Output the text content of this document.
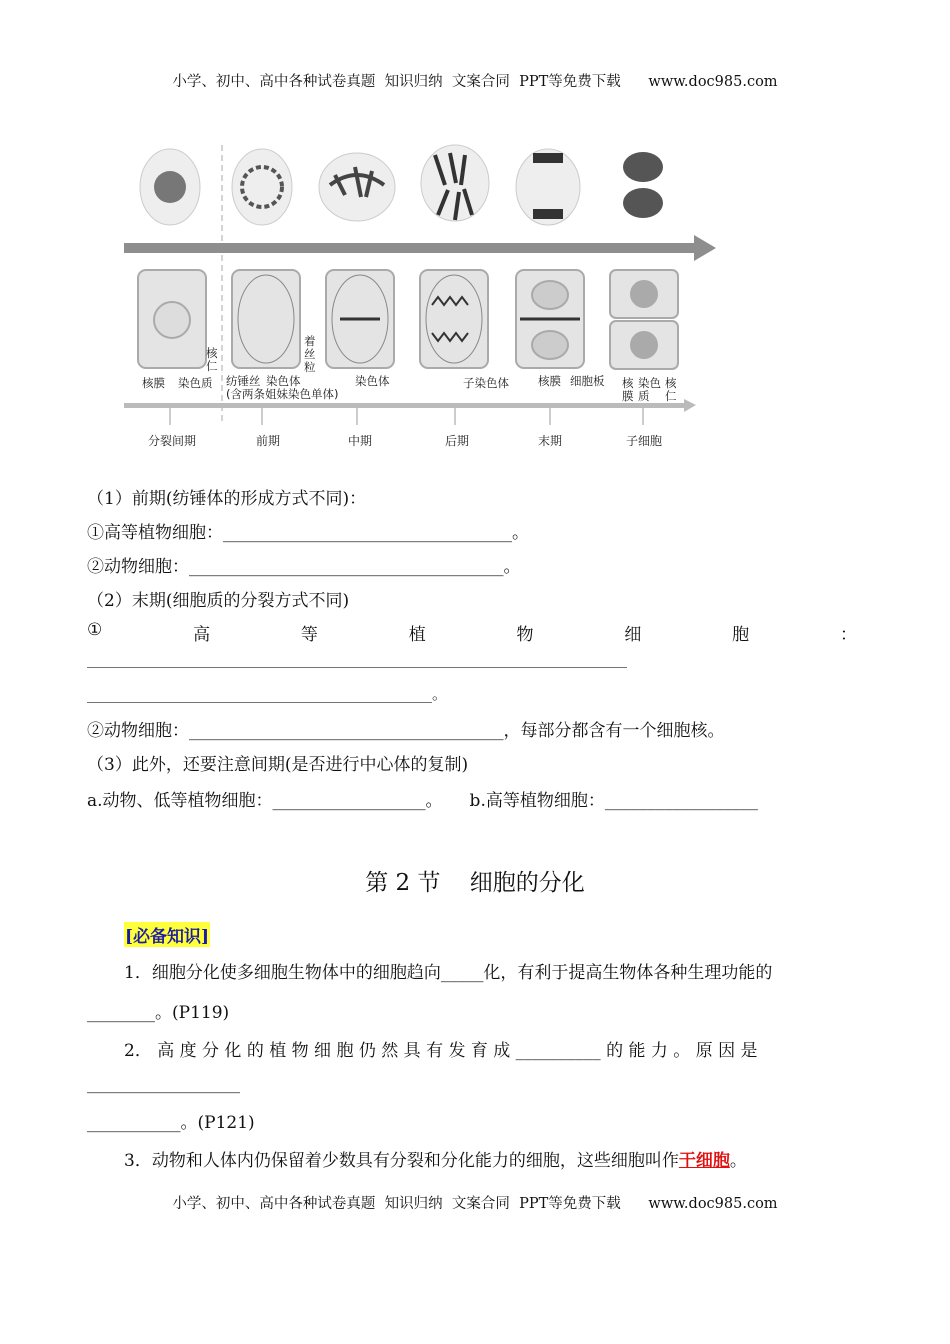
小学、初中、高中各种试卷真题  知识归纳  文案合同  PPT等免费下载      www.doc985.com
核膜 染色质
核
仁
纺锤丝 染色体
(含两条姐妹染色单体)
着
丝
粒
染色体	子染色体	核膜 细胞板 核
膜
染色
质
核
仁
分裂间期	前期	中期	后期	末期	子细胞
（1）前期(纺锤体的形成方式不同)：
①高等植物细胞：__________________________________。
②动物细胞：_____________________________________。
（2）末期(细胞质的分裂方式不同)
①	高	等	植	物	细	胞	：
________________________________________________________________________
______________________________________________。
②动物细胞：_____________________________________，每部分都含有一个细胞核。
（3）此外，还要注意间期(是否进行中心体的复制)
a.动物、低等植物细胞：__________________。     b.高等植物细胞：__________________
第 2 节    细胞的分化
[必备知识]
1．细胞分化使多细胞生物体中的细胞趋向_____化，有利于提高生物体各种生理功能的
________。(P119)
2． 高 度 分 化 的 植 物 细 胞 仍 然 具 有 发 育 成 __________ 的 能 力 。 原 因 是
__________________
___________。(P121)
3．动物和人体内仍保留着少数具有分裂和分化能力的细胞，这些细胞叫作干细胞。
小学、初中、高中各种试卷真题  知识归纳  文案合同  PPT等免费下载      www.doc985.com
